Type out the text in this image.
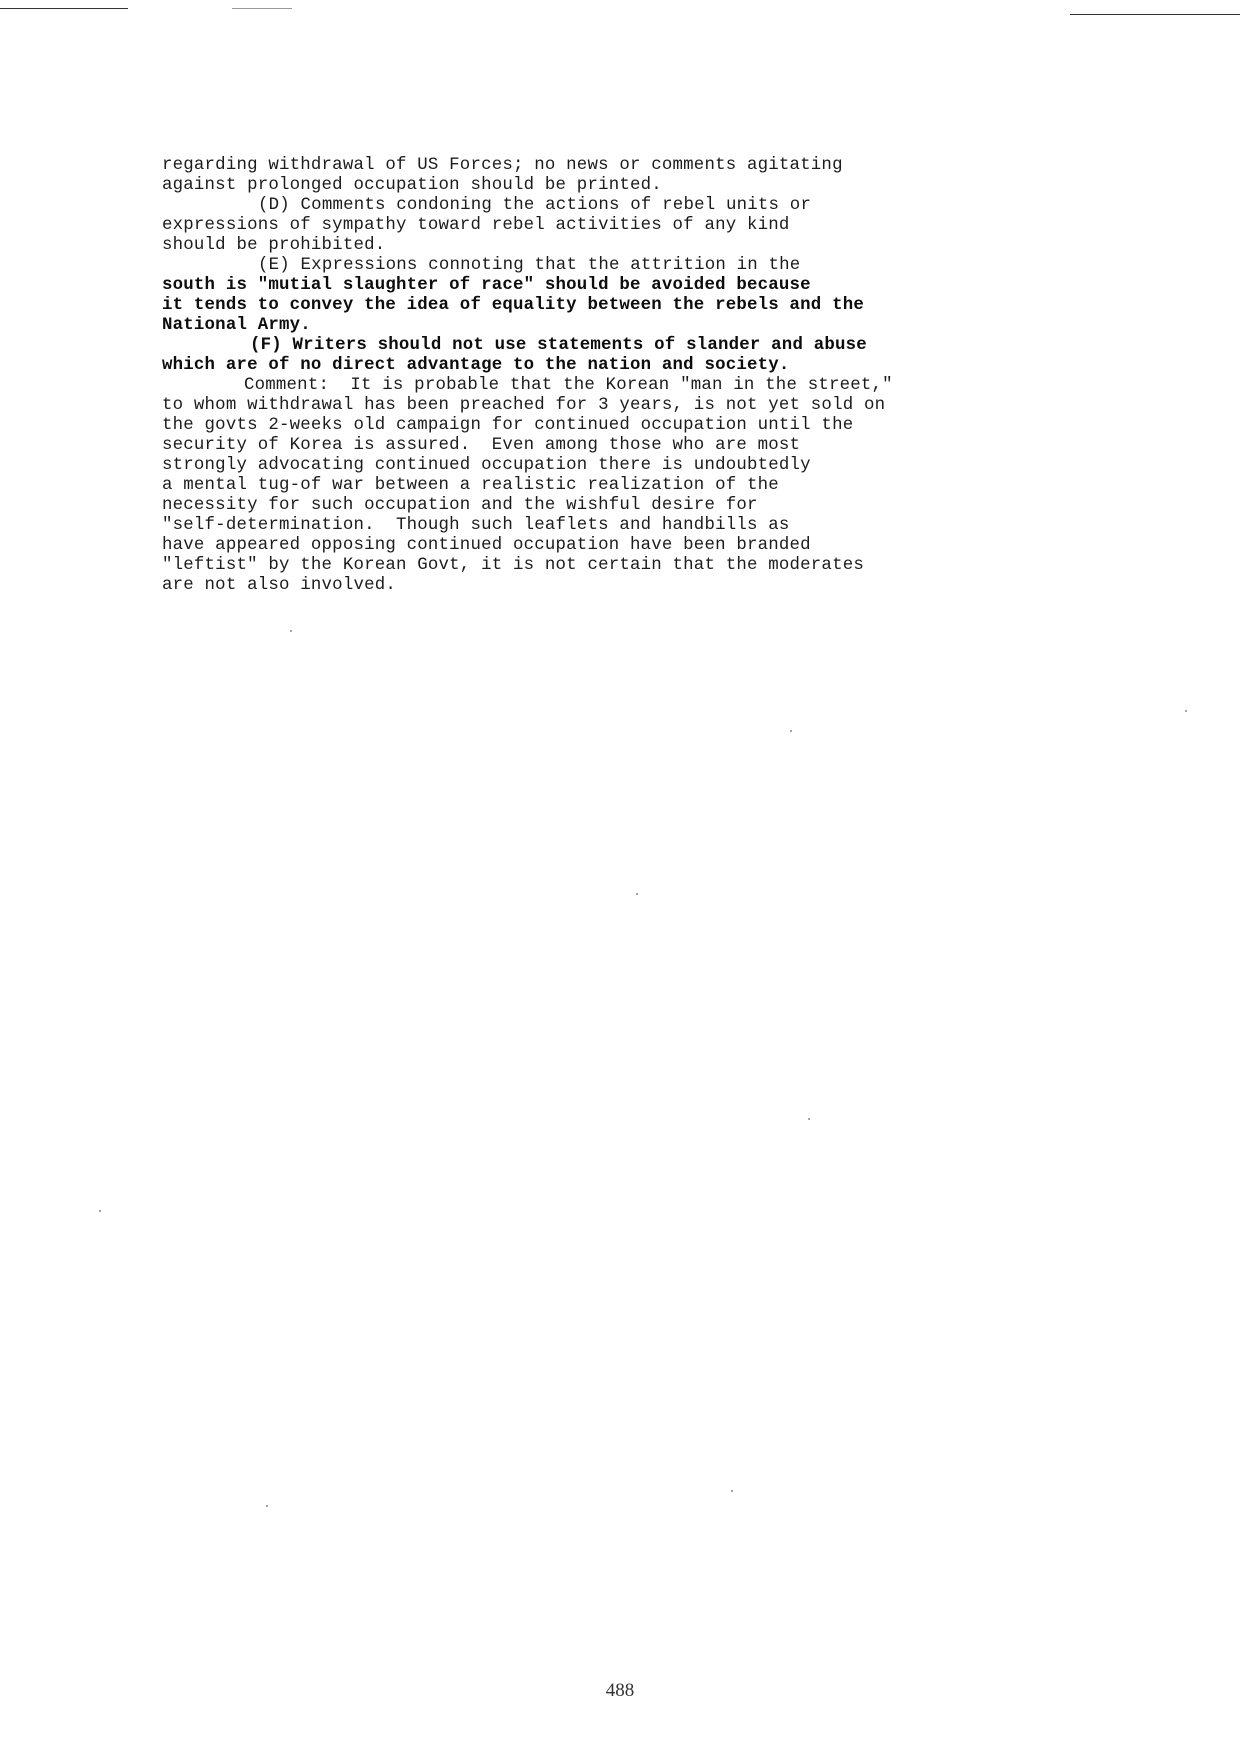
regarding withdrawal of US Forces; no news or comments agitating
against prolonged occupation should be printed.
(D) Comments condoning the actions of rebel units or
expressions of sympathy toward rebel activities of any kind
should be prohibited.
(E) Expressions connoting that the attrition in the
south is "mutial slaughter of race" should be avoided because
it tends to convey the idea of equality between the rebels and the
National Army.
(F) Writers should not use statements of slander and abuse
which are of no direct advantage to the nation and society.
Comment:  It is probable that the Korean "man in the street,"
to whom withdrawal has been preached for 3 years, is not yet sold on
the govts 2-weeks old campaign for continued occupation until the
security of Korea is assured.  Even among those who are most
strongly advocating continued occupation there is undoubtedly
a mental tug-of war between a realistic realization of the
necessity for such occupation and the wishful desire for
"self-determination.  Though such leaflets and handbills as
have appeared opposing continued occupation have been branded
"leftist" by the Korean Govt, it is not certain that the moderates
are not also involved.
488
